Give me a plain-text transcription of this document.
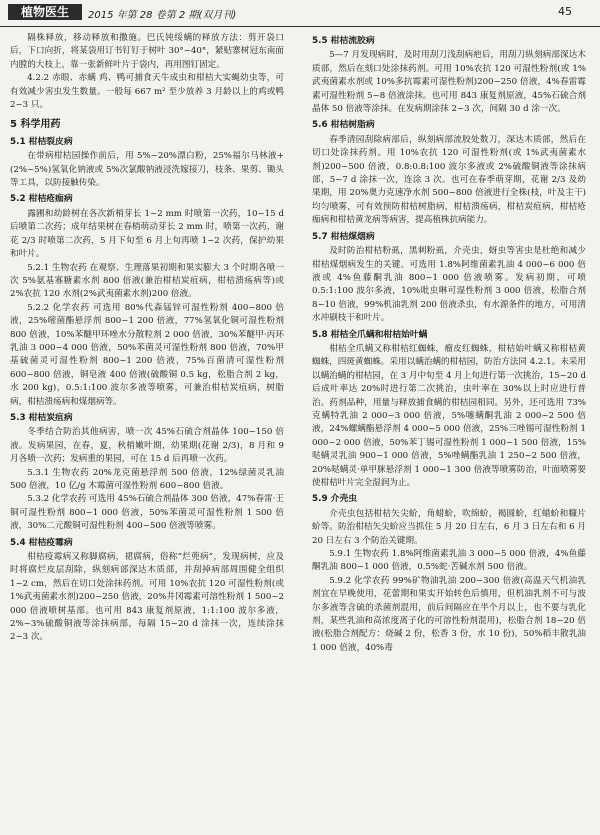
植物医生	2015 年第 28 卷第 2 期(双月刊)	45

隔株释放，移动释放和撒施。巴氏钝绥螨的释放方法：剪开袋口后，下口向折，将某袋用订书钉钉于树叶 30°~40°，紧贴寨树冠东南面内膛的大枝上，靠一张新鲜叶片于袋内，再用图钉固定。

4.2.2 赤眼、赤螨 鸡、鸭可捕食天牛成虫和柑桔大实蝇幼虫等，可有效减少害虫发生数量。一般每 667 m² 至少放养 3 月龄以上的鸡或鸭 2~3 只。

5 科学用药
5.1 柑桔裂皮病

在带病柑桔园操作前后，用 5%~20%漂白粉，25%福尔马林液+(2%~5%)氢氧化钠液或 5%次氯酸钠液浸洗嫁接刀，枝条、果剪、锄头等工具，以防接触传染。

5.2 柑桔疮痂病

露圃和幼龄树在各次新梢芽长 1~2 mm 时喷第一次药，10~15 d 后喷第二次药；成年结果树在春梢萌动芽长 2 mm 时，喷第一次药，谢花 2/3 时喷第二次药，5 月下旬至 6 月上旬再喷 1~2 次药，保护幼果和叶片。

5.2.1 生物农药 在观察、生理落果初期和果实膨大 3 个时期各喷一次 5%氨基寡糖素水剂 800 倍液(兼治柑桔炭疽病，柑桔溃疡病等)或 2%农抗 120 水剂(2%武夷菌素水剂)200 倍液。

5.2.2 化学农药 可选用 80%代森锰锌可湿性粉剂 400~800 倍液，25%嘧菌酯悬浮剂 800~1 200 倍液，77%氢氧化铜可湿性粉剂 800 倍液，10%苯醚甲环唑水分散粒剂 2 000 倍液，30%苯醚甲·丙环乳油 3 000~4 000 倍液，50%苯菌灵可湿性粉剂 800 倍液，70%甲基硫菌灵可湿性粉剂 800~1 200 倍液，75%百菌清可湿性粉剂 600~800 倍液，铜皂液 400 倍液(硫酸铜 0.5 kg，松脂合剂 2 kg，水 200 kg)，0.5:1:100 波尔多液等喷雾，可兼治柑桔炭疽病，树脂病，柑桔溃疡病和煤烟病等。

5.3 柑桔炭疽病

冬季结合防治其他病害，喷一次 45%石硫合剂晶体 100~150 倍液。发病果园，在春，夏，秋梢嫩叶期，幼果期(花谢 2/3)，8 月和 9 月各喷一次药；发病重的果园，可在 15 d 后再喷一次药。

5.3.1 生物农药 20%龙克菌悬浮剂 500 倍液，12%绿菌灵乳油 500 倍液，10 亿/g 木霉菌可湿性粉剂 600~800 倍液。

5.3.2 化学农药 可选用 45%石硫合剂晶体 300 倍液，47%春雷·王铜可湿性粉剂 800~1 000 倍液，50%苯菌灵可湿性粉剂 1 500 倍液，30%二元酸铜可湿性粉剂 400~500 倍液等喷雾。

5.4 柑桔疫霉病

柑桔疫霉病又称脚腐病，裙腐病，俗称“烂蔸病”，发现病树，应及时将腐烂皮层刮除，纵刻病部深达木质部，并刮掉病部周围健全组织 1~2 cm，然后在切口处涂抹药剂。可用 10%农抗 120 可湿性粉剂(或 1%武夷菌素水剂)200~250 倍液，20%井冈霉素可溶性粉剂 1 500~2 000 倍液喷树基部。也可用 843 康复剂原液，1:1:100 波尔多液，2%~3%硫酸铜液等涂抹病部，每隔 15~20 d 涂抹一次，连续涂抹 2~3 次。

5.5 柑桔流胶病

5—7 月发现病时，及时用刮刀浅刮病疤后，用刮刀纵刻病部深达木质部，然后在刻口处涂抹药剂。可用 10%农抗 120 可湿性粉剂(或 1%武夷菌素水剂或 10%多抗霉素可湿性粉剂)200~250 倍液，4%春雷霉素可湿性粉剂 5~8 倍液涂抹。也可用 843 康复剂原液，45%石硫合剂晶体 50 倍液等涂抹。在发病期涂抹 2~3 次，间隔 30 d 涂一次。

5.6 柑桔树脂病

春季清园刮除病部后，纵刻病部流胶处数刀，深达木质部，然后在切口处涂抹药剂。用 10%农抗 120 可湿性粉剂(或 1%武夷菌素水剂)200~500 倍液，0.8:0.8:100 波尔多液或 2%硫酸铜液等涂抹病部，5~7 d 涂抹一次，连涂 3 次。也可在春季萌芽期，花谢 2/3 及幼果期，用 20%奥力克速净水剂 500~800 倍液进行全株(枝，叶及主干)均匀喷雾，可有效预防柑桔树脂病，柑桔溃疡病，柑桔炭疽病，柑桔疮痂病和柑桔黄龙病等病害，提高植株抗病能力。

5.7 柑桔煤烟病

及时防治柑桔粉虱，黑刺粉虱，介壳虫，蚜虫等害虫是杜绝和减少柑桔煤烟病发生的关键。可选用 1.8%阿维菌素乳油 4 000~6 000 倍液或 4%鱼藤酮乳油 800~1 000 倍液喷雾。发病初期，可喷 0.5:1:100 波尔多液，10%吡虫啉可湿性粉剂 3 000 倍液，松脂合剂 8~10 倍液，99%机油乳剂 200 倍液杀虫，有水源条件的地方，可用清水冲刷枝干和叶片。

5.8 柑桔全爪螨和柑桔始叶螨

柑桔全爪螨又称柑桔红蜘蛛，瘤皮红蜘蛛，柑桔始叶螨又称柑桔黄蜘蛛，四斑黄蜘蛛。采用以螨治螨的柑桔园，防治方法同 4.2.1。未采用以螨治螨的柑桔园，在 3 月中旬至 4 月上旬进行第一次挑治，15~20 d 后成叶率达 20%时进行第二次挑治，虫叶率在 30%以上时应进行普治。药剂品种，用量与释放捕食螨的柑桔园相同。另外，还可选用 73%克螨特乳油 2 000~3 000 倍液，5%噻螨酮乳油 2 000~2 500 倍液，24%螺螨酯悬浮剂 4 000~5 000 倍液，25%三唑锡可湿性粉剂 1 000~2 000 倍液，50%苯丁锡可湿性粉剂 1 000~1 500 倍液，15%哒螨灵乳油 900~1 000 倍液，5%唑螨酯乳油 1 250~2 500 倍液，20%哒螨灵·单甲脒悬浮剂 1 000~1 300 倍液等喷雾防治，叶面喷雾要使柑桔叶片完全湿润为止。

5.9 介壳虫

介壳虫包括柑桔矢尖蚧，角蜡蚧，吹绵蚧，褐圆蚧，红蜡蚧和糠片蚧等。防治柑桔矢尖蚧应当抓住 5 月 20 日左右，6 月 3 日左右和 6 月 20 日左右 3 个防治关键期。

5.9.1 生物农药 1.8%阿维菌素乳油 3 000~5 000 倍液，4%鱼藤酮乳油 800~1 000 倍液，0.5%蛇·苦碱水剂 500 倍液。

5.9.2 化学农药 99%矿物油乳油 200~300 倍液(高温天气机油乳剂宜在早晚使用，花蕾期和果实开始转色后慎用，但机油乳剂不可与波尔多液等含硫的杀菌剂混用，前后间隔应在半个月以上，也不要与乳化剂，某些乳油和高浓度离子化的可溶性粉剂混用)，松脂合剂 18~20 倍液(松脂合剂配方：烧碱 2 份，松香 3 份，水 10 份)，50%稻丰散乳油 1 000 倍液，40%毒
